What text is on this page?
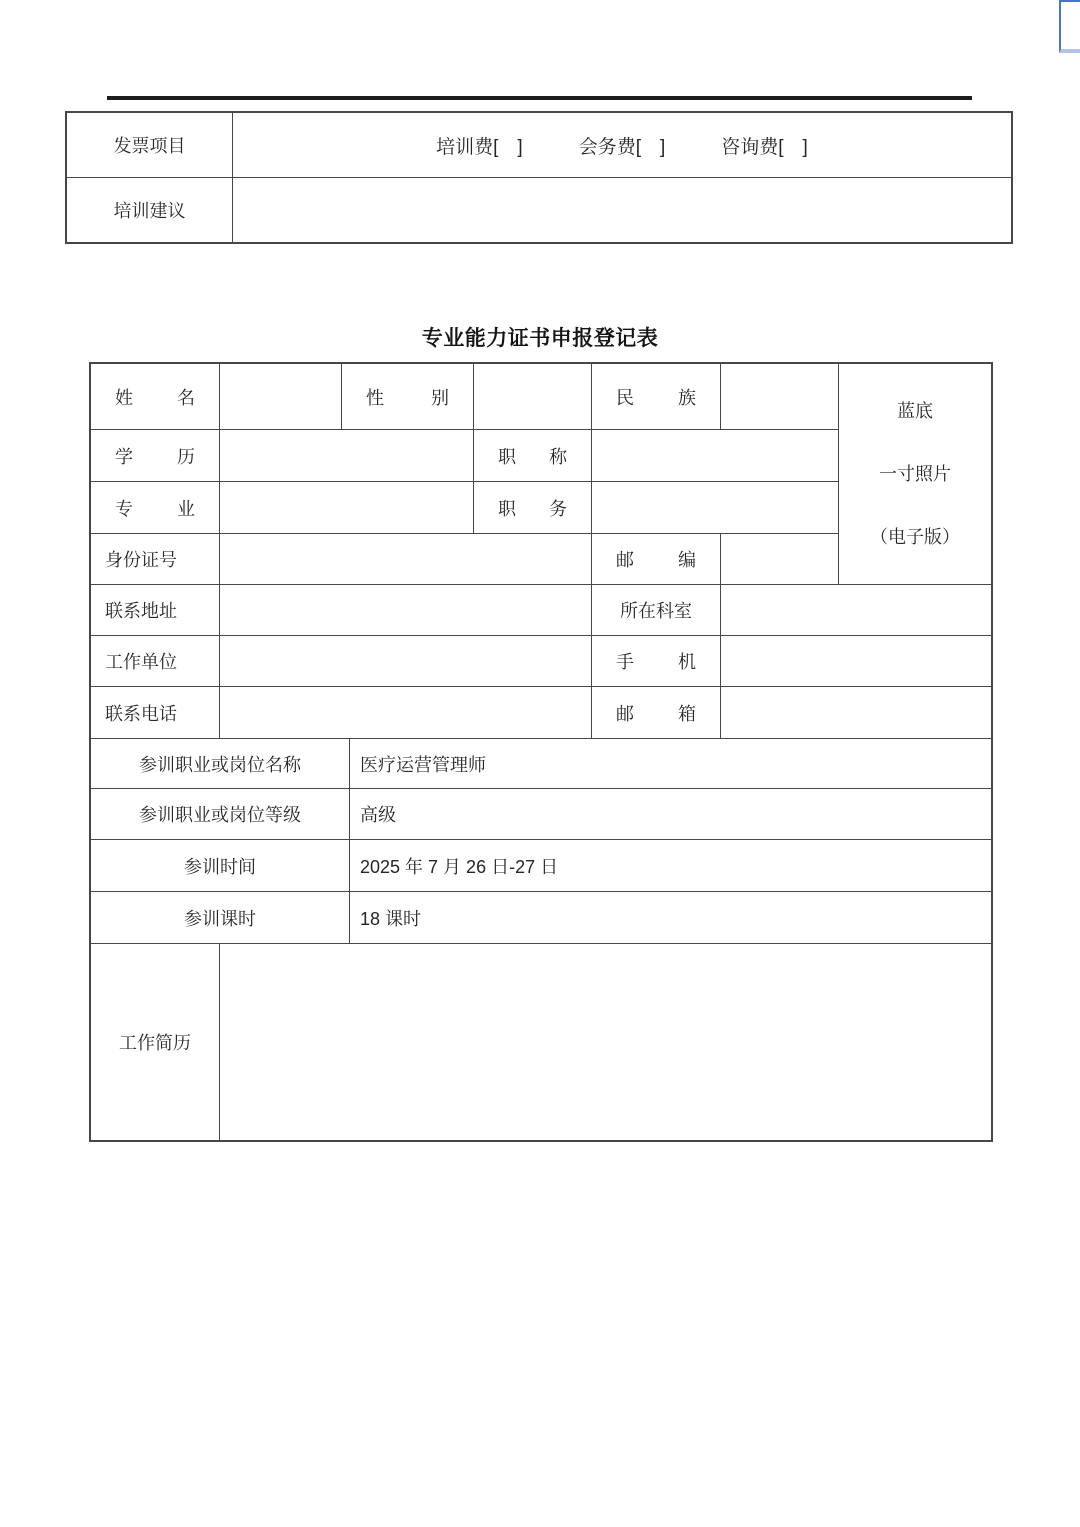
发票项目	培训费[　]	会务费[　]	咨询费[　]
培训建议
专业能力证书申报登记表
姓名	性别	民族
学历	职称
专业	职务
身份证号	邮编
联系地址	所在科室
工作单位	手机
联系电话	邮箱
参训职业或岗位名称	医疗运营管理师
参训职业或岗位等级	高级
参训时间	2025 年 7 月 26 日-27 日
参训课时	18 课时
工作简历
蓝底
一寸照片
（电子版）
